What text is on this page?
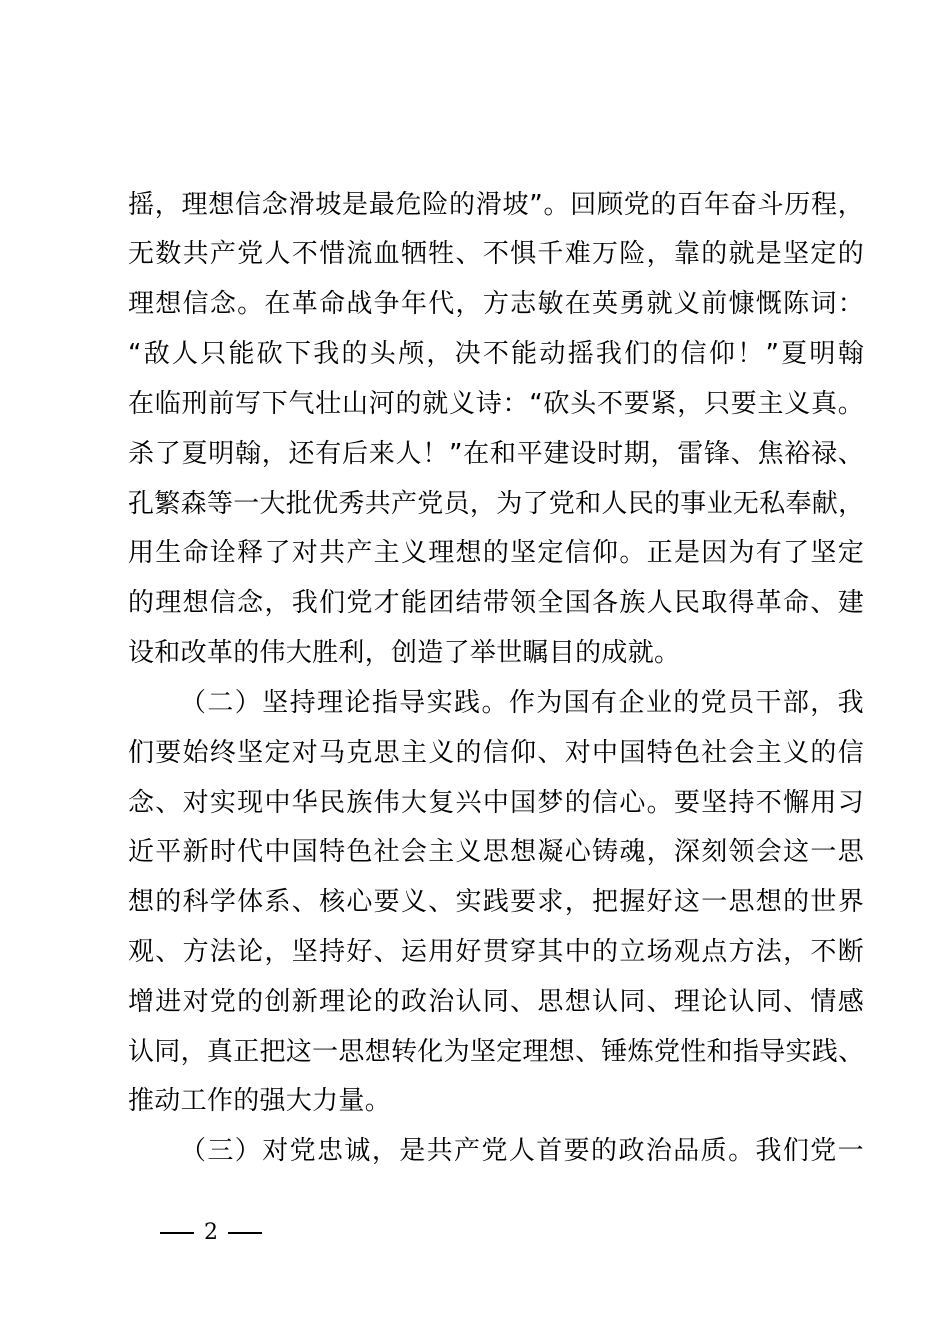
摇，理想信念滑坡是最危险的滑坡”。回顾党的百年奋斗历程，
无数共产党人不惜流血牺牲、不惧千难万险，靠的就是坚定的
理想信念。在革命战争年代，方志敏在英勇就义前慷慨陈词：
“敌人只能砍下我的头颅，决不能动摇我们的信仰！”夏明翰
在临刑前写下气壮山河的就义诗：“砍头不要紧，只要主义真。
杀了夏明翰，还有后来人！”在和平建设时期，雷锋、焦裕禄、
孔繁森等一大批优秀共产党员，为了党和人民的事业无私奉献，
用生命诠释了对共产主义理想的坚定信仰。正是因为有了坚定
的理想信念，我们党才能团结带领全国各族人民取得革命、建
设和改革的伟大胜利，创造了举世瞩目的成就。
（二）坚持理论指导实践。作为国有企业的党员干部，我
们要始终坚定对马克思主义的信仰、对中国特色社会主义的信
念、对实现中华民族伟大复兴中国梦的信心。要坚持不懈用习
近平新时代中国特色社会主义思想凝心铸魂，深刻领会这一思
想的科学体系、核心要义、实践要求，把握好这一思想的世界
观、方法论，坚持好、运用好贯穿其中的立场观点方法，不断
增进对党的创新理论的政治认同、思想认同、理论认同、情感
认同，真正把这一思想转化为坚定理想、锤炼党性和指导实践、
推动工作的强大力量。
（三）对党忠诚，是共产党人首要的政治品质。我们党一
2
